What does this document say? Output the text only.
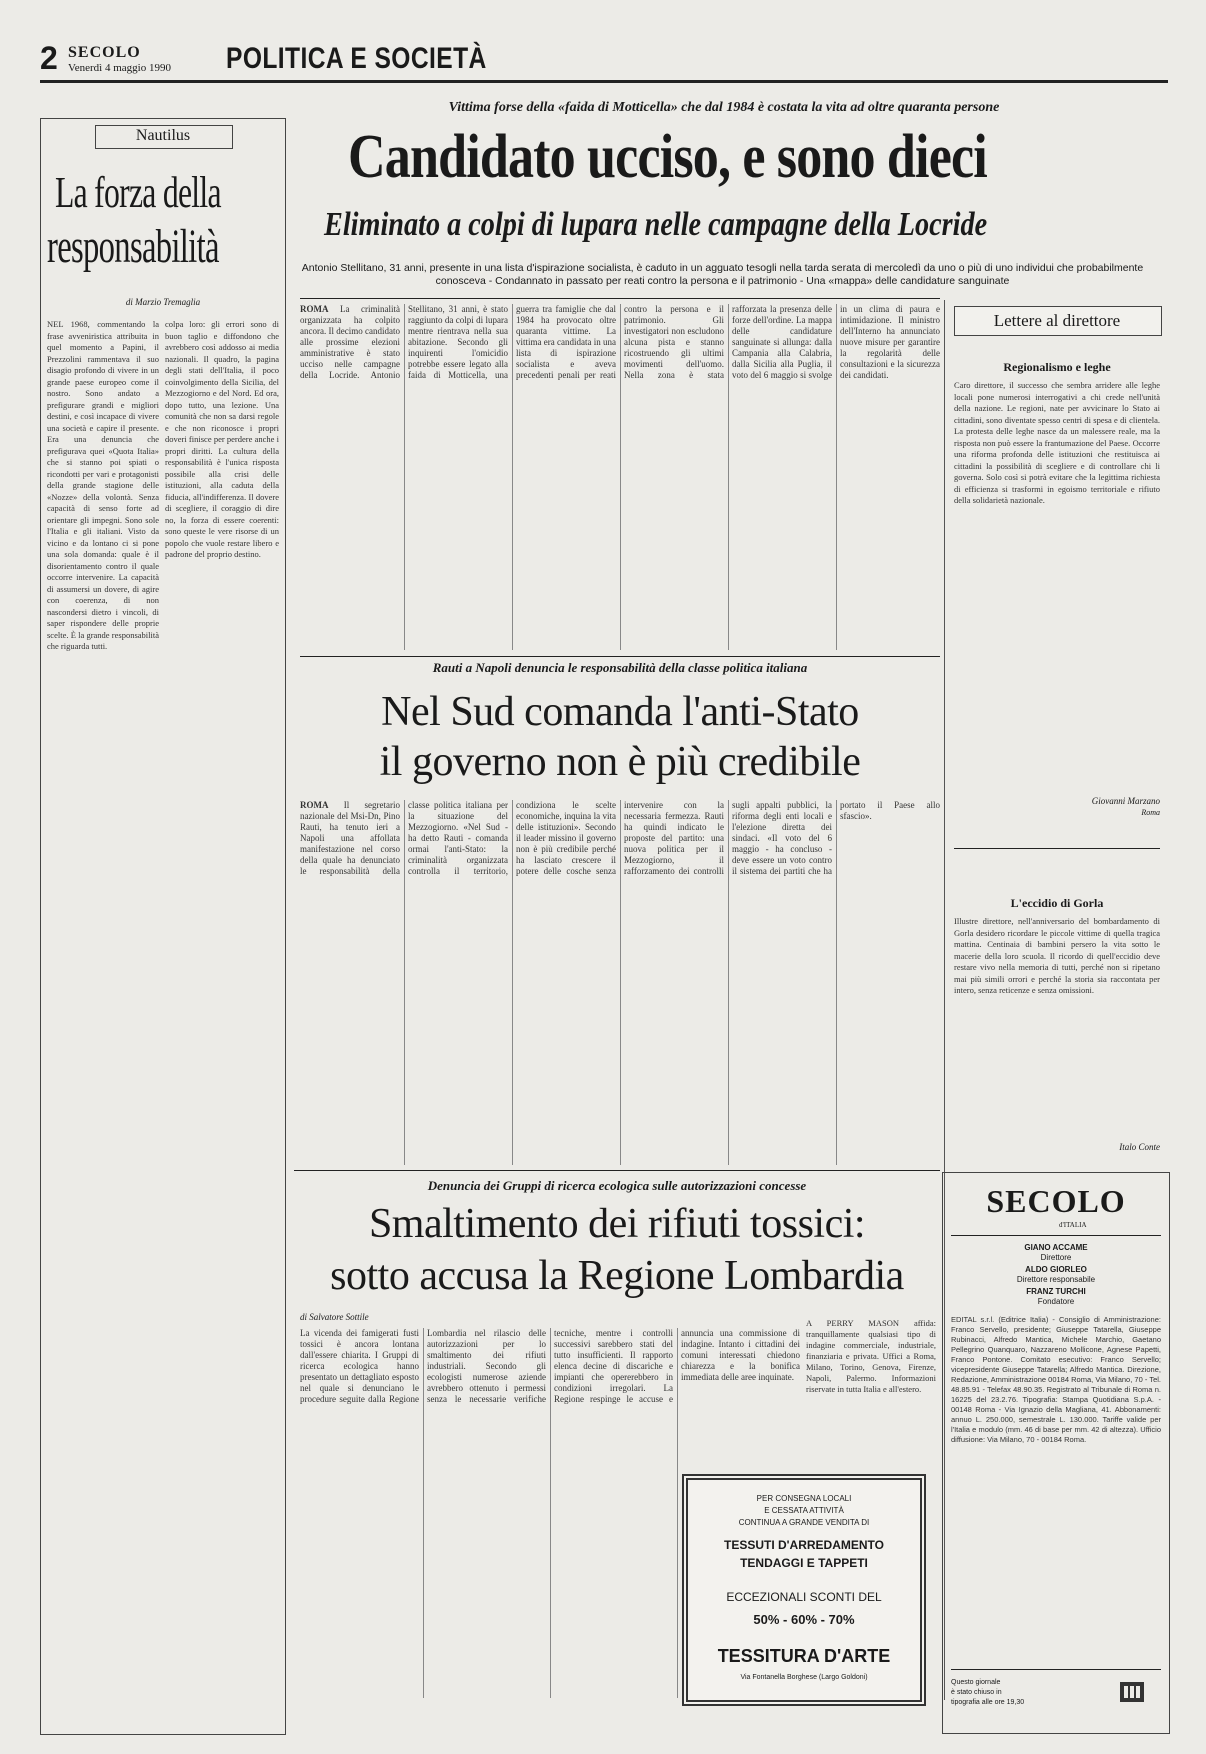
2 SECOLO
Venerdì 4 maggio 1990 POLITICA E SOCIETÀ
Nautilus
La forza della
responsabilità
di Marzio Tremaglia
NEL 1968, commentando la frase avveniristica attribuita in quel momento a Papini, il Prezzolini rammentava il suo disagio profondo di vivere in un grande paese europeo come il nostro. Sono andato a prefigurare grandi e migliori destini, e così incapace di vivere una società e capire il presente. Era una denuncia che prefigurava quei «Quota Italia» che si stanno poi spiati o ricondotti per vari e protagonisti della grande stagione delle «Nozze» della volontà. Senza capacità di senso forte ad orientare gli impegni. Sono sole l'Italia e gli italiani. Visto da vicino e da lontano ci si pone una sola domanda: quale è il disorientamento contro il quale occorre intervenire. La capacità di assumersi un dovere, di agire con coerenza, di non nascondersi dietro i vincoli, di saper rispondere delle proprie scelte. È la grande responsabilità che riguarda tutti.
colpa loro: gli errori sono di buon taglio e diffondono che avrebbero così addosso ai media nazionali. Il quadro, la pagina degli stati dell'Italia, il poco coinvolgimento della Sicilia, del Mezzogiorno e del Nord. Ed ora, dopo tutto, una lezione. Una comunità che non sa darsi regole e che non riconosce i propri doveri finisce per perdere anche i propri diritti. La cultura della responsabilità è l'unica risposta possibile alla crisi delle istituzioni, alla caduta della fiducia, all'indifferenza. Il dovere di scegliere, il coraggio di dire no, la forza di essere coerenti: sono queste le vere risorse di un popolo che vuole restare libero e padrone del proprio destino.
Vittima forse della «faida di Motticella» che dal 1984 è costata la vita ad oltre quaranta persone
Candidato ucciso, e sono dieci
Eliminato a colpi di lupara nelle campagne della Locride
Antonio Stellitano, 31 anni, presente in una lista d'ispirazione socialista, è caduto in un agguato tesogli nella tarda serata di mercoledì da uno o più di uno individui che probabilmente conosceva - Condannato in passato per reati contro la persona e il patrimonio - Una «mappa» delle candidature sanguinate
ROMA La criminalità organizzata ha colpito ancora. Il decimo candidato alle prossime elezioni amministrative è stato ucciso nelle campagne della Locride. Antonio Stellitano, 31 anni, è stato raggiunto da colpi di lupara mentre rientrava nella sua abitazione. Secondo gli inquirenti l'omicidio potrebbe essere legato alla faida di Motticella, una guerra tra famiglie che dal 1984 ha provocato oltre quaranta vittime. La vittima era candidata in una lista di ispirazione socialista e aveva precedenti penali per reati contro la persona e il patrimonio. Gli investigatori non escludono alcuna pista e stanno ricostruendo gli ultimi movimenti dell'uomo. Nella zona è stata rafforzata la presenza delle forze dell'ordine. La mappa delle candidature sanguinate si allunga: dalla Campania alla Calabria, dalla Sicilia alla Puglia, il voto del 6 maggio si svolge in un clima di paura e intimidazione. Il ministro dell'Interno ha annunciato nuove misure per garantire la regolarità delle consultazioni e la sicurezza dei candidati.
Lettere al direttore
Regionalismo e leghe
Caro direttore, il successo che sembra arridere alle leghe locali pone numerosi interrogativi a chi crede nell'unità della nazione. Le regioni, nate per avvicinare lo Stato ai cittadini, sono diventate spesso centri di spesa e di clientela. La protesta delle leghe nasce da un malessere reale, ma la risposta non può essere la frantumazione del Paese. Occorre una riforma profonda delle istituzioni che restituisca ai cittadini la possibilità di scegliere e di controllare chi li governa. Solo così si potrà evitare che la legittima richiesta di efficienza si trasformi in egoismo territoriale e rifiuto della solidarietà nazionale.
Giovanni Marzano
Roma
L'eccidio di Gorla
Illustre direttore, nell'anniversario del bombardamento di Gorla desidero ricordare le piccole vittime di quella tragica mattina. Centinaia di bambini persero la vita sotto le macerie della loro scuola. Il ricordo di quell'eccidio deve restare vivo nella memoria di tutti, perché non si ripetano mai più simili orrori e perché la storia sia raccontata per intero, senza reticenze e senza omissioni.
Italo Conte
Rauti a Napoli denuncia le responsabilità della classe politica italiana
Nel Sud comanda l'anti-Stato
il governo non è più credibile
ROMA Il segretario nazionale del Msi-Dn, Pino Rauti, ha tenuto ieri a Napoli una affollata manifestazione nel corso della quale ha denunciato le responsabilità della classe politica italiana per la situazione del Mezzogiorno. «Nel Sud - ha detto Rauti - comanda ormai l'anti-Stato: la criminalità organizzata controlla il territorio, condiziona le scelte economiche, inquina la vita delle istituzioni». Secondo il leader missino il governo non è più credibile perché ha lasciato crescere il potere delle cosche senza intervenire con la necessaria fermezza. Rauti ha quindi indicato le proposte del partito: una nuova politica per il Mezzogiorno, il rafforzamento dei controlli sugli appalti pubblici, la riforma degli enti locali e l'elezione diretta dei sindaci. «Il voto del 6 maggio - ha concluso - deve essere un voto contro il sistema dei partiti che ha portato il Paese allo sfascio».
Denuncia dei Gruppi di ricerca ecologica sulle autorizzazioni concesse
Smaltimento dei rifiuti tossici:
sotto accusa la Regione Lombardia
di Salvatore Sottile
La vicenda dei famigerati fusti tossici è ancora lontana dall'essere chiarita. I Gruppi di ricerca ecologica hanno presentato un dettagliato esposto nel quale si denunciano le procedure seguite dalla Regione Lombardia nel rilascio delle autorizzazioni per lo smaltimento dei rifiuti industriali. Secondo gli ecologisti numerose aziende avrebbero ottenuto i permessi senza le necessarie verifiche tecniche, mentre i controlli successivi sarebbero stati del tutto insufficienti. Il rapporto elenca decine di discariche e impianti che opererebbero in condizioni irregolari. La Regione respinge le accuse e annuncia una commissione di indagine. Intanto i cittadini dei comuni interessati chiedono chiarezza e la bonifica immediata delle aree inquinate.
A PERRY MASON affida: tranquillamente qualsiasi tipo di indagine commerciale, industriale, finanziaria e privata. Uffici a Roma, Milano, Torino, Genova, Firenze, Napoli, Palermo. Informazioni riservate in tutta Italia e all'estero.
PER CONSEGNA LOCALI
E CESSATA ATTIVITÀ
CONTINUA A GRANDE VENDITA DI
TESSUTI D'ARREDAMENTO
TENDAGGI E TAPPETI
ECCEZIONALI SCONTI DEL
50% - 60% - 70%
TESSITURA D'ARTE
Via Fontanella Borghese (Largo Goldoni)
SECOLO
d'ITALIA
GIANO ACCAME
Direttore
ALDO GIORLEO
Direttore responsabile
FRANZ TURCHI
Fondatore
EDITAL s.r.l. (Editrice Italia) - Consiglio di Amministrazione: Franco Servello, presidente; Giuseppe Tatarella, Giuseppe Rubinacci, Alfredo Mantica, Michele Marchio, Gaetano Pellegrino Quanquaro, Nazzareno Mollicone, Agnese Papetti, Franco Pontone. Comitato esecutivo: Franco Servello; vicepresidente Giuseppe Tatarella; Alfredo Mantica. Direzione, Redazione, Amministrazione 00184 Roma, Via Milano, 70 - Tel. 48.85.91 - Telefax 48.90.35. Registrato al Tribunale di Roma n. 16225 del 23.2.76. Tipografia: Stampa Quotidiana S.p.A. - 00148 Roma - Via Ignazio della Magliana, 41. Abbonamenti: annuo L. 250.000, semestrale L. 130.000. Tariffe valide per l'Italia e modulo (mm. 46 di base per mm. 42 di altezza). Ufficio diffusione: Via Milano, 70 - 00184 Roma.
Questo giornale
è stato chiuso in
tipografia alle ore 19,30
